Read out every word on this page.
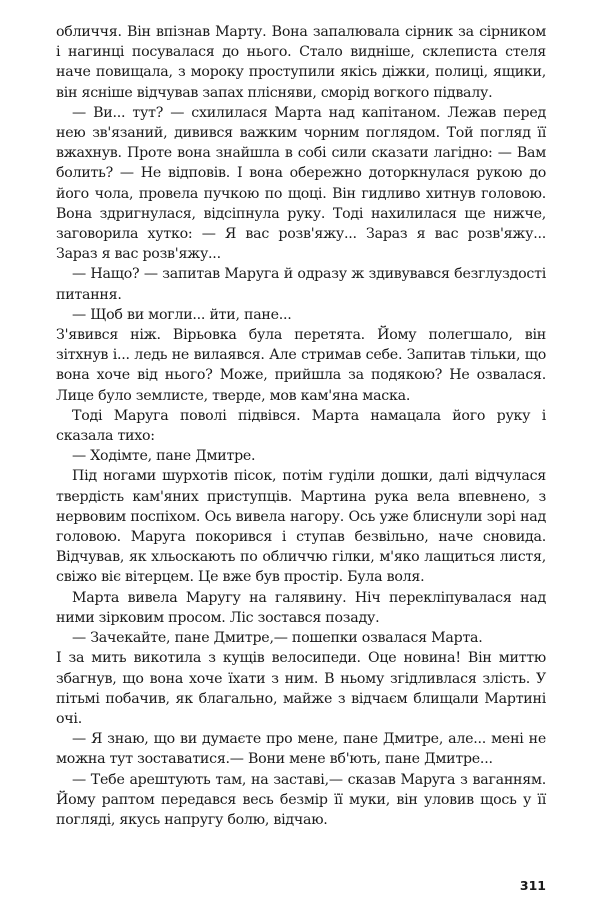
обличчя. Він впізнав Марту. Вона запалювала сірник за сірником і нагинці посувалася до нього. Стало видніше, склеписта стеля наче повищала, з мороку проступили якісь діжки, полиці, ящики, він ясніше відчував запах плісняви, сморід вогкого підвалу.

— Ви... тут? — схилилася Марта над капітаном. Лежав перед нею зв'язаний, дивився важким чорним поглядом. Той погляд її вжахнув. Проте вона знайшла в собі сили сказати лагідно: — Вам болить? — Не відповів. І вона обережно доторкнулася рукою до його чола, провела пучкою по щоці. Він гидливо хитнув головою. Вона здригнулася, відсіпнула руку. Тоді нахилилася ще нижче, заговорила хутко: — Я вас розв'яжу... Зараз я вас розв'яжу... Зараз я вас розв'яжу...

— Нащо? — запитав Маруга й одразу ж здивувався безглуздості питання.

— Щоб ви могли... йти, пане...

З'явився ніж. Вірьовка була перетята. Йому полегшало, він зітхнув і... ледь не вилаявся. Але стримав себе. Запитав тільки, що вона хоче від нього? Може, прийшла за подякою? Не озвалася. Лице було землисте, тверде, мов кам'яна маска.

Тоді Маруга поволі підвівся. Марта намацала його руку і сказала тихо:

— Ходімте, пане Дмитре.

Під ногами шурхотів пісок, потім гуділи дошки, далі відчулася твердість кам'яних приступців. Мартина рука вела впевнено, з нервовим поспіхом. Ось вивела нагору. Ось уже блиснули зорі над головою. Маруга покорився і ступав безвільно, наче сновида. Відчував, як хльоскають по обличчю гілки, м'яко лащиться листя, свіжо віє вітерцем. Це вже був простір. Була воля.

Марта вивела Маругу на галявину. Ніч перекліпувалася над ними зірковим просом. Ліс зостався позаду.

— Зачекайте, пане Дмитре,— пошепки озвалася Марта.

І за мить викотила з кущів велосипеди. Оце новина! Він миттю збагнув, що вона хоче їхати з ним. В ньому згідливлася злість. У пітьмі побачив, як благально, майже з відчаєм блищали Мартині очі.

— Я знаю, що ви думаєте про мене, пане Дмитре, але... мені не можна тут зоставатися.— Вони мене вб'ють, пане Дмитре...

— Тебе арештують там, на заставі,— сказав Маруга з ваганням. Йому раптом передався весь безмір її муки, він уловив щось у її погляді, якусь напругу болю, відчаю.

311
